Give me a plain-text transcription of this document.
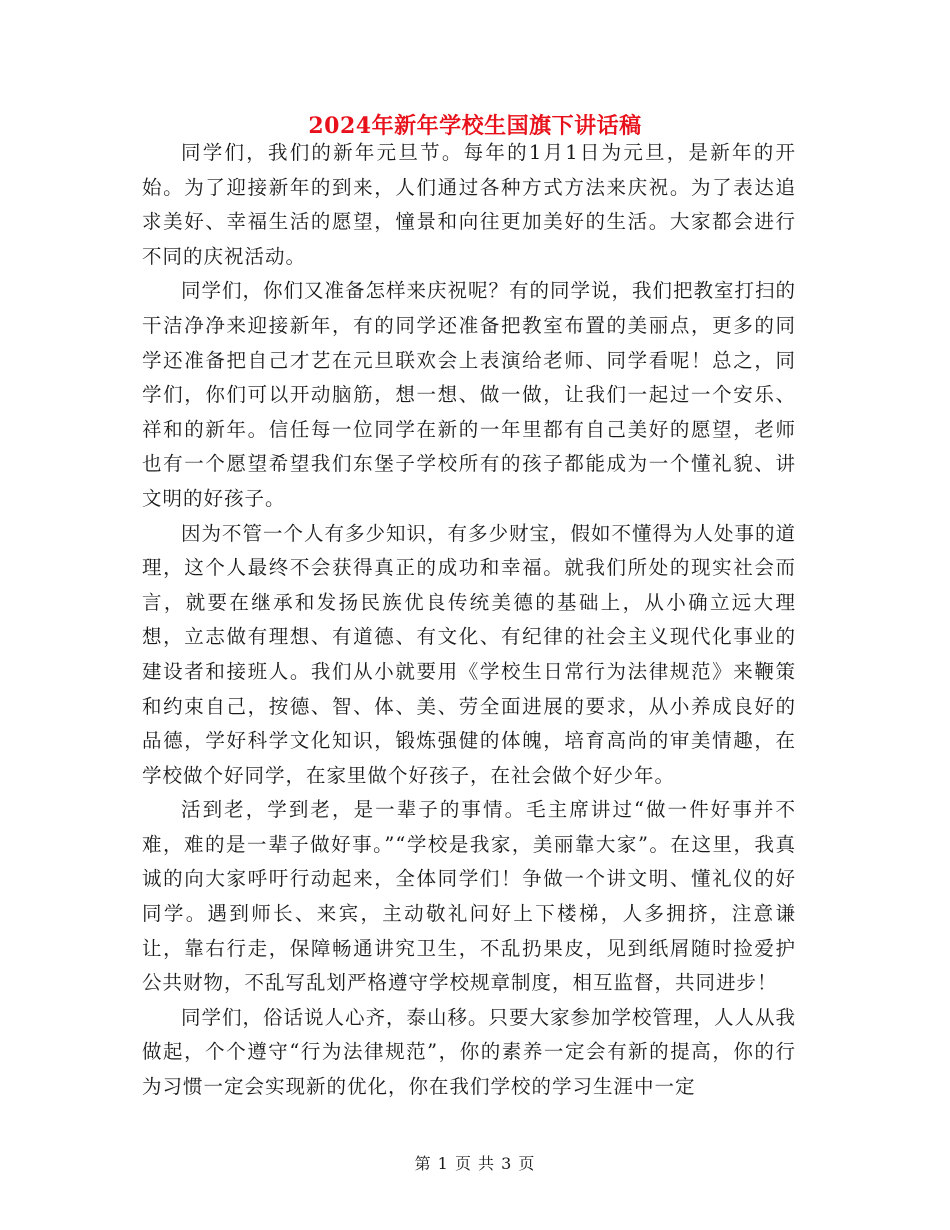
2024年新年学校生国旗下讲话稿

同学们，我们的新年元旦节。每年的1月1日为元旦，是新年的开始。为了迎接新年的到来，人们通过各种方式方法来庆祝。为了表达追求美好、幸福生活的愿望，憧景和向往更加美好的生活。大家都会进行不同的庆祝活动。

同学们，你们又准备怎样来庆祝呢？有的同学说，我们把教室打扫的干洁净净来迎接新年，有的同学还准备把教室布置的美丽点，更多的同学还准备把自己才艺在元旦联欢会上表演给老师、同学看呢！总之，同学们，你们可以开动脑筋，想一想、做一做，让我们一起过一个安乐、祥和的新年。信任每一位同学在新的一年里都有自己美好的愿望，老师也有一个愿望希望我们东堡子学校所有的孩子都能成为一个懂礼貌、讲文明的好孩子。

因为不管一个人有多少知识，有多少财宝，假如不懂得为人处事的道理，这个人最终不会获得真正的成功和幸福。就我们所处的现实社会而言，就要在继承和发扬民族优良传统美德的基础上，从小确立远大理想，立志做有理想、有道德、有文化、有纪律的社会主义现代化事业的建设者和接班人。我们从小就要用《学校生日常行为法律规范》来鞭策和约束自己，按德、智、体、美、劳全面进展的要求，从小养成良好的品德，学好科学文化知识，锻炼强健的体魄，培育高尚的审美情趣，在学校做个好同学，在家里做个好孩子，在社会做个好少年。

活到老，学到老，是一辈子的事情。毛主席讲过“做一件好事并不难，难的是一辈子做好事。”“学校是我家，美丽靠大家”。在这里，我真诚的向大家呼吁行动起来，全体同学们！争做一个讲文明、懂礼仪的好同学。遇到师长、来宾，主动敬礼问好上下楼梯，人多拥挤，注意谦让，靠右行走，保障畅通讲究卫生，不乱扔果皮，见到纸屑随时捡爱护公共财物，不乱写乱划严格遵守学校规章制度，相互监督，共同进步！

同学们，俗话说人心齐，泰山移。只要大家参加学校管理，人人从我做起，个个遵守“行为法律规范”，你的素养一定会有新的提高，你的行为习惯一定会实现新的优化，你在我们学校的学习生涯中一定

第 1 页 共 3 页
